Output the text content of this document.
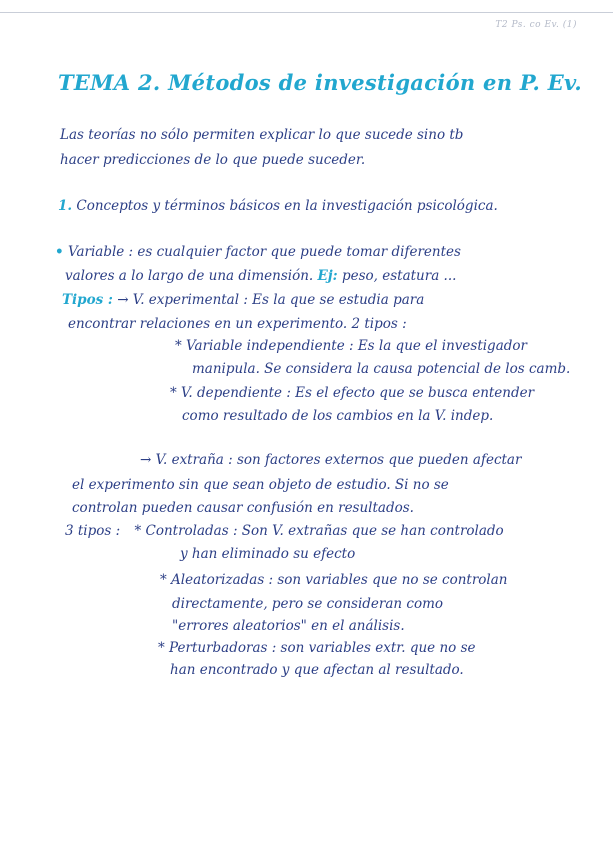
T2 Ps. co Ev. (1)
TEMA 2. Métodos de investigación en P. Ev.
Las teorías no sólo permiten explicar lo que sucede sino tb
hacer predicciones de lo que puede suceder.
1. Conceptos y términos básicos en la investigación psicológica.
• Variable : es cualquier factor que puede tomar diferentes
valores a lo largo de una dimensión. Ej: peso, estatura ...
Tipos : → V. experimental : Es la que se estudia para
encontrar relaciones en un experimento. 2 tipos :
* Variable independiente : Es la que el investigador
manipula. Se considera la causa potencial de los camb.
* V. dependiente : Es el efecto que se busca entender
como resultado de los cambios en la V. indep.
→ V. extraña : son factores externos que pueden afectar
el experimento sin que sean objeto de estudio. Si no se
controlan pueden causar confusión en resultados.
3 tipos : * Controladas : Son V. extrañas que se han controlado
y han eliminado su efecto
* Aleatorizadas : son variables que no se controlan
directamente, pero se consideran como
"errores aleatorios" en el análisis.
* Perturbadoras : son variables extr. que no se
han encontrado y que afectan al resultado.
